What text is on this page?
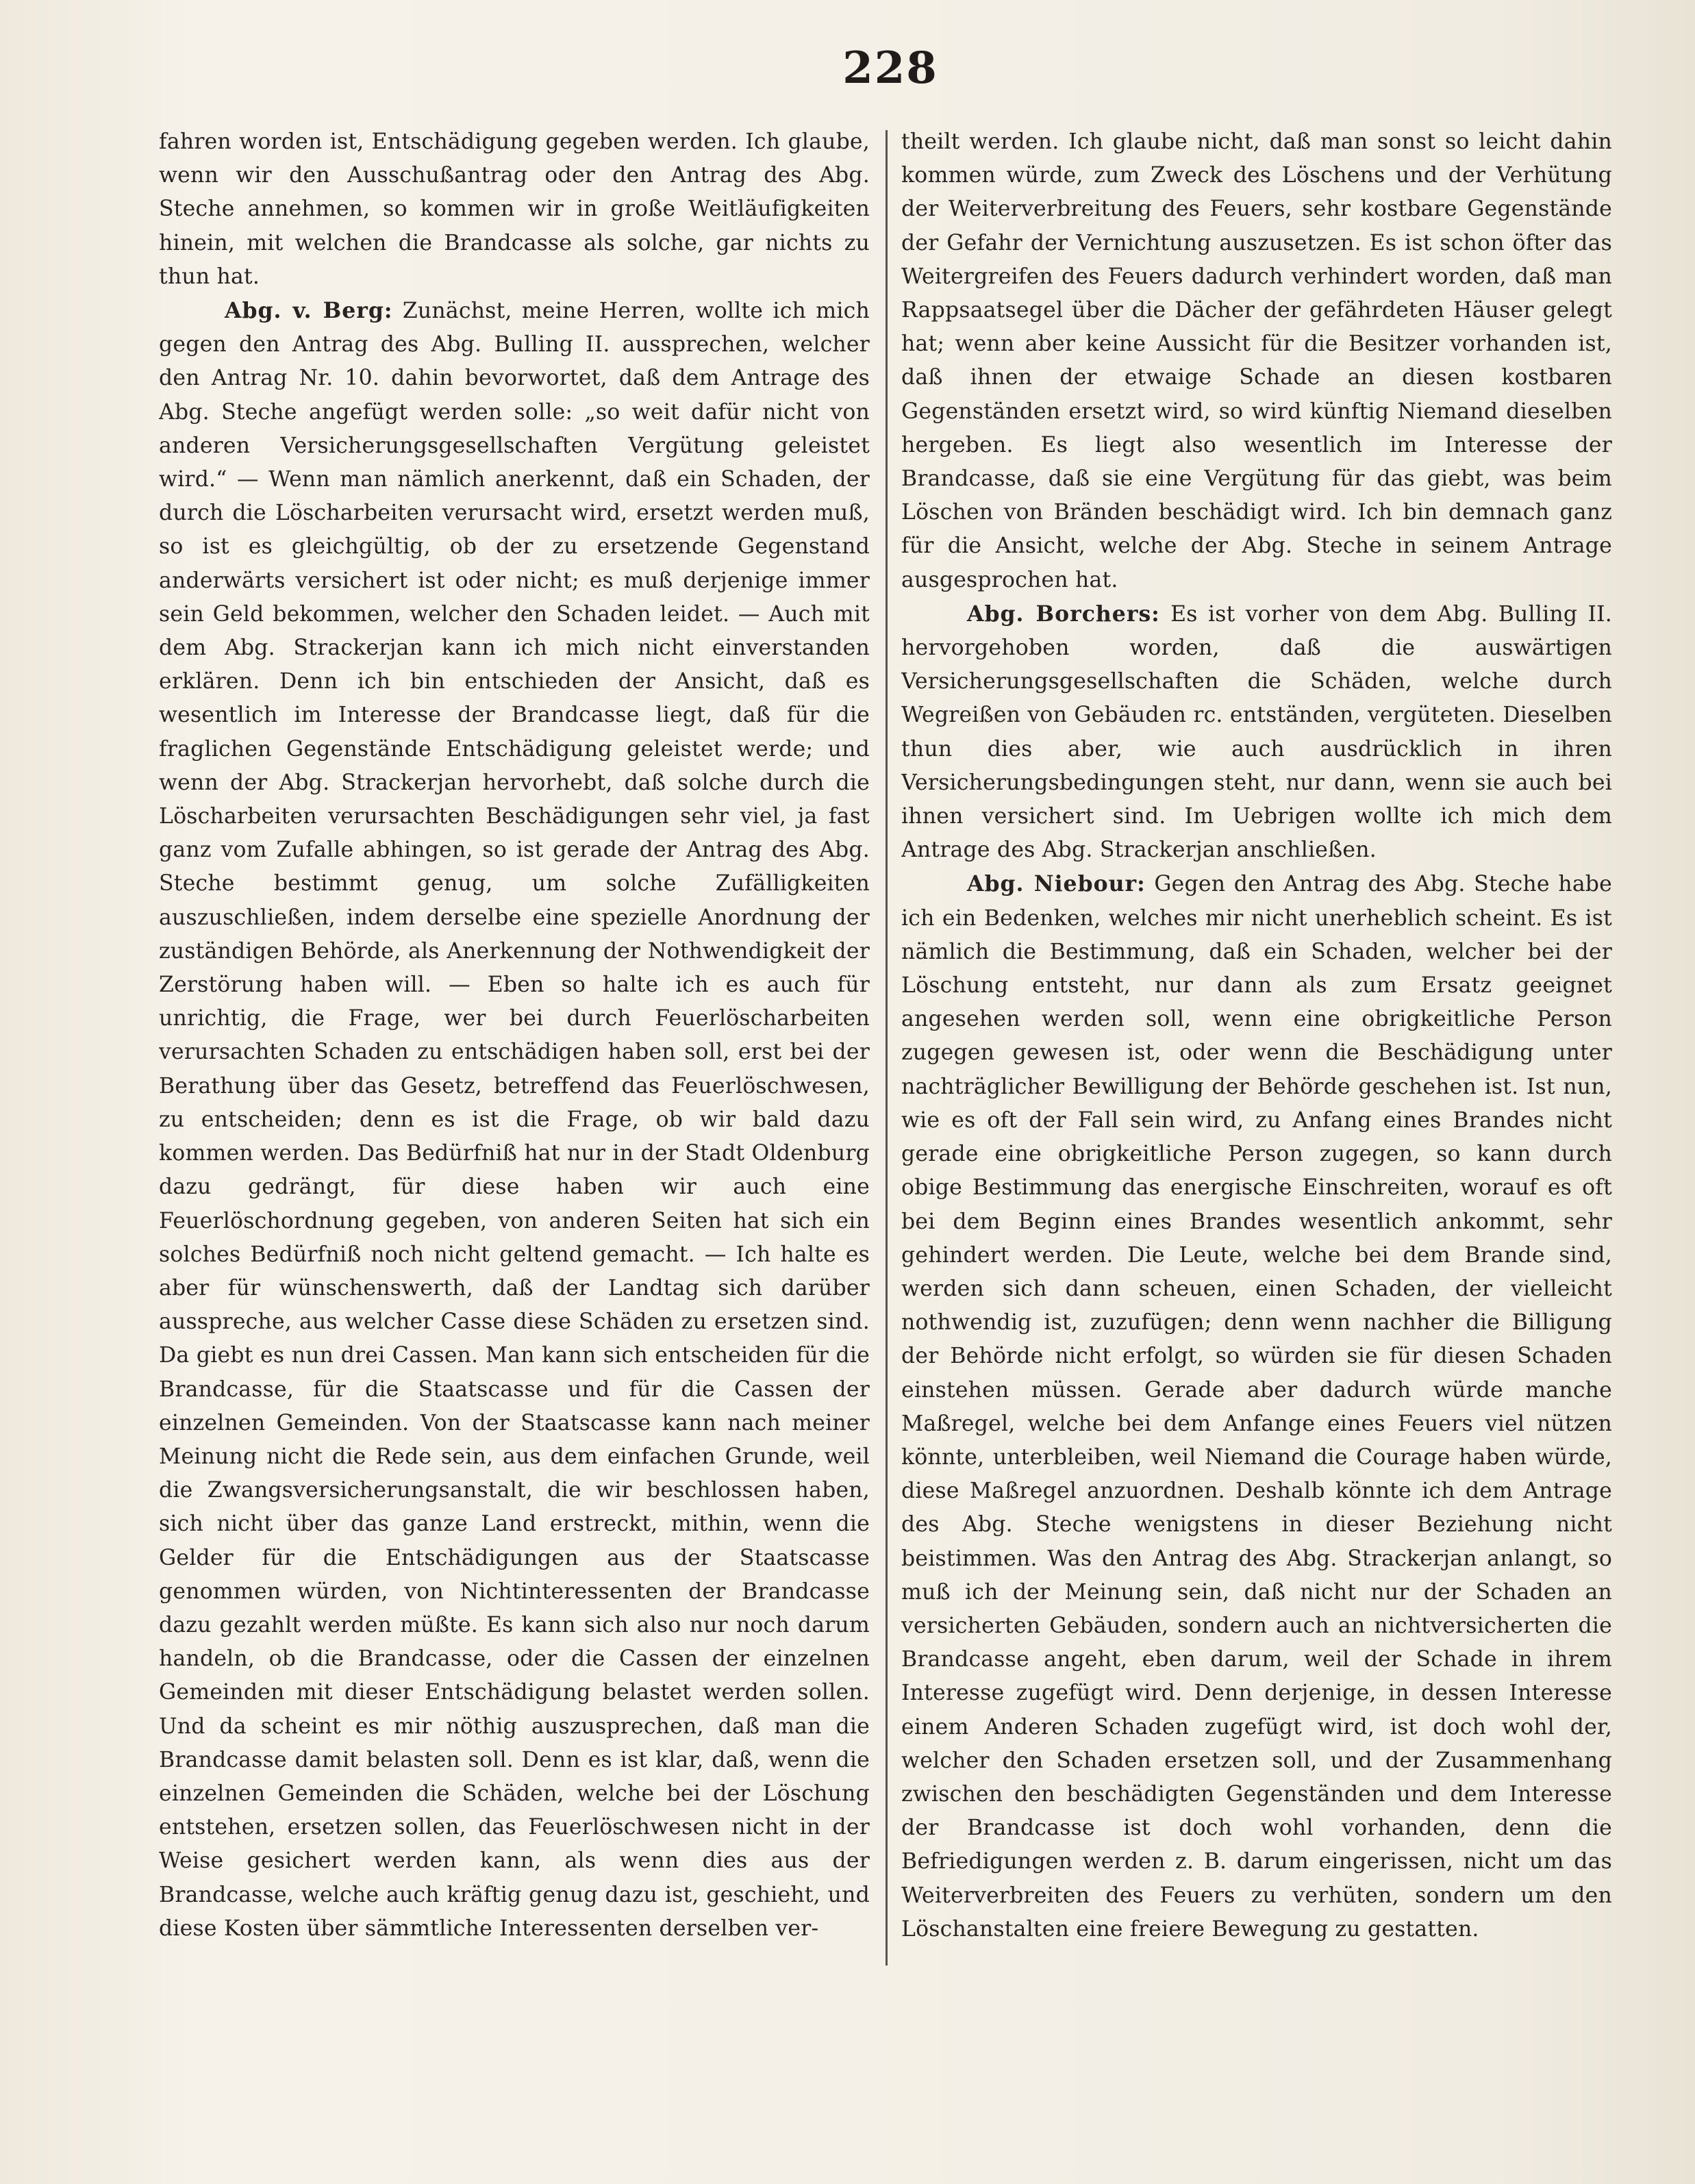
228

fahren worden ist, Entschädigung gegeben werden. Ich glaube, wenn wir den Ausschußantrag oder den Antrag des Abg. Steche annehmen, so kommen wir in große Weitläufigkeiten hinein, mit welchen die Brandcasse als solche, gar nichts zu thun hat.

Abg. v. Berg: Zunächst, meine Herren, wollte ich mich gegen den Antrag des Abg. Bulling II. aussprechen, welcher den Antrag Nr. 10. dahin bevorwortet, daß dem Antrage des Abg. Steche angefügt werden solle: „so weit dafür nicht von anderen Versicherungsgesellschaften Vergütung geleistet wird.“ — Wenn man nämlich anerkennt, daß ein Schaden, der durch die Löscharbeiten verursacht wird, ersetzt werden muß, so ist es gleichgültig, ob der zu ersetzende Gegenstand anderwärts versichert ist oder nicht; es muß derjenige immer sein Geld bekommen, welcher den Schaden leidet. — Auch mit dem Abg. Strackerjan kann ich mich nicht einverstanden erklären. Denn ich bin entschieden der Ansicht, daß es wesentlich im Interesse der Brandcasse liegt, daß für die fraglichen Gegenstände Entschädigung geleistet werde; und wenn der Abg. Strackerjan hervorhebt, daß solche durch die Löscharbeiten verursachten Beschädigungen sehr viel, ja fast ganz vom Zufalle abhingen, so ist gerade der Antrag des Abg. Steche bestimmt genug, um solche Zufälligkeiten auszuschließen, indem derselbe eine spezielle Anordnung der zuständigen Behörde, als Anerkennung der Nothwendigkeit der Zerstörung haben will. — Eben so halte ich es auch für unrichtig, die Frage, wer bei durch Feuerlöscharbeiten verursachten Schaden zu entschädigen haben soll, erst bei der Berathung über das Gesetz, betreffend das Feuerlöschwesen, zu entscheiden; denn es ist die Frage, ob wir bald dazu kommen werden. Das Bedürfniß hat nur in der Stadt Oldenburg dazu gedrängt, für diese haben wir auch eine Feuerlöschordnung gegeben, von anderen Seiten hat sich ein solches Bedürfniß noch nicht geltend gemacht. — Ich halte es aber für wünschenswerth, daß der Landtag sich darüber ausspreche, aus welcher Casse diese Schäden zu ersetzen sind. Da giebt es nun drei Cassen. Man kann sich entscheiden für die Brandcasse, für die Staatscasse und für die Cassen der einzelnen Gemeinden. Von der Staatscasse kann nach meiner Meinung nicht die Rede sein, aus dem einfachen Grunde, weil die Zwangsversicherungsanstalt, die wir beschlossen haben, sich nicht über das ganze Land erstreckt, mithin, wenn die Gelder für die Entschädigungen aus der Staatscasse genommen würden, von Nichtinteressenten der Brandcasse dazu gezahlt werden müßte. Es kann sich also nur noch darum handeln, ob die Brandcasse, oder die Cassen der einzelnen Gemeinden mit dieser Entschädigung belastet werden sollen. Und da scheint es mir nöthig auszusprechen, daß man die Brandcasse damit belasten soll. Denn es ist klar, daß, wenn die einzelnen Gemeinden die Schäden, welche bei der Löschung entstehen, ersetzen sollen, das Feuerlöschwesen nicht in der Weise gesichert werden kann, als wenn dies aus der Brandcasse, welche auch kräftig genug dazu ist, geschieht, und diese Kosten über sämmtliche Interessenten derselben ver-

theilt werden. Ich glaube nicht, daß man sonst so leicht dahin kommen würde, zum Zweck des Löschens und der Verhütung der Weiterverbreitung des Feuers, sehr kostbare Gegenstände der Gefahr der Vernichtung auszusetzen. Es ist schon öfter das Weitergreifen des Feuers dadurch verhindert worden, daß man Rappsaatsegel über die Dächer der gefährdeten Häuser gelegt hat; wenn aber keine Aussicht für die Besitzer vorhanden ist, daß ihnen der etwaige Schade an diesen kostbaren Gegenständen ersetzt wird, so wird künftig Niemand dieselben hergeben. Es liegt also wesentlich im Interesse der Brandcasse, daß sie eine Vergütung für das giebt, was beim Löschen von Bränden beschädigt wird. Ich bin demnach ganz für die Ansicht, welche der Abg. Steche in seinem Antrage ausgesprochen hat.

Abg. Borchers: Es ist vorher von dem Abg. Bulling II. hervorgehoben worden, daß die auswärtigen Versicherungsgesellschaften die Schäden, welche durch Wegreißen von Gebäuden rc. entständen, vergüteten. Dieselben thun dies aber, wie auch ausdrücklich in ihren Versicherungsbedingungen steht, nur dann, wenn sie auch bei ihnen versichert sind. Im Uebrigen wollte ich mich dem Antrage des Abg. Strackerjan anschließen.

Abg. Niebour: Gegen den Antrag des Abg. Steche habe ich ein Bedenken, welches mir nicht unerheblich scheint. Es ist nämlich die Bestimmung, daß ein Schaden, welcher bei der Löschung entsteht, nur dann als zum Ersatz geeignet angesehen werden soll, wenn eine obrigkeitliche Person zugegen gewesen ist, oder wenn die Beschädigung unter nachträglicher Bewilligung der Behörde geschehen ist. Ist nun, wie es oft der Fall sein wird, zu Anfang eines Brandes nicht gerade eine obrigkeitliche Person zugegen, so kann durch obige Bestimmung das energische Einschreiten, worauf es oft bei dem Beginn eines Brandes wesentlich ankommt, sehr gehindert werden. Die Leute, welche bei dem Brande sind, werden sich dann scheuen, einen Schaden, der vielleicht nothwendig ist, zuzufügen; denn wenn nachher die Billigung der Behörde nicht erfolgt, so würden sie für diesen Schaden einstehen müssen. Gerade aber dadurch würde manche Maßregel, welche bei dem Anfange eines Feuers viel nützen könnte, unterbleiben, weil Niemand die Courage haben würde, diese Maßregel anzuordnen. Deshalb könnte ich dem Antrage des Abg. Steche wenigstens in dieser Beziehung nicht beistimmen. Was den Antrag des Abg. Strackerjan anlangt, so muß ich der Meinung sein, daß nicht nur der Schaden an versicherten Gebäuden, sondern auch an nichtversicherten die Brandcasse angeht, eben darum, weil der Schade in ihrem Interesse zugefügt wird. Denn derjenige, in dessen Interesse einem Anderen Schaden zugefügt wird, ist doch wohl der, welcher den Schaden ersetzen soll, und der Zusammenhang zwischen den beschädigten Gegenständen und dem Interesse der Brandcasse ist doch wohl vorhanden, denn die Befriedigungen werden z. B. darum eingerissen, nicht um das Weiterverbreiten des Feuers zu verhüten, sondern um den Löschanstalten eine freiere Bewegung zu gestatten.
